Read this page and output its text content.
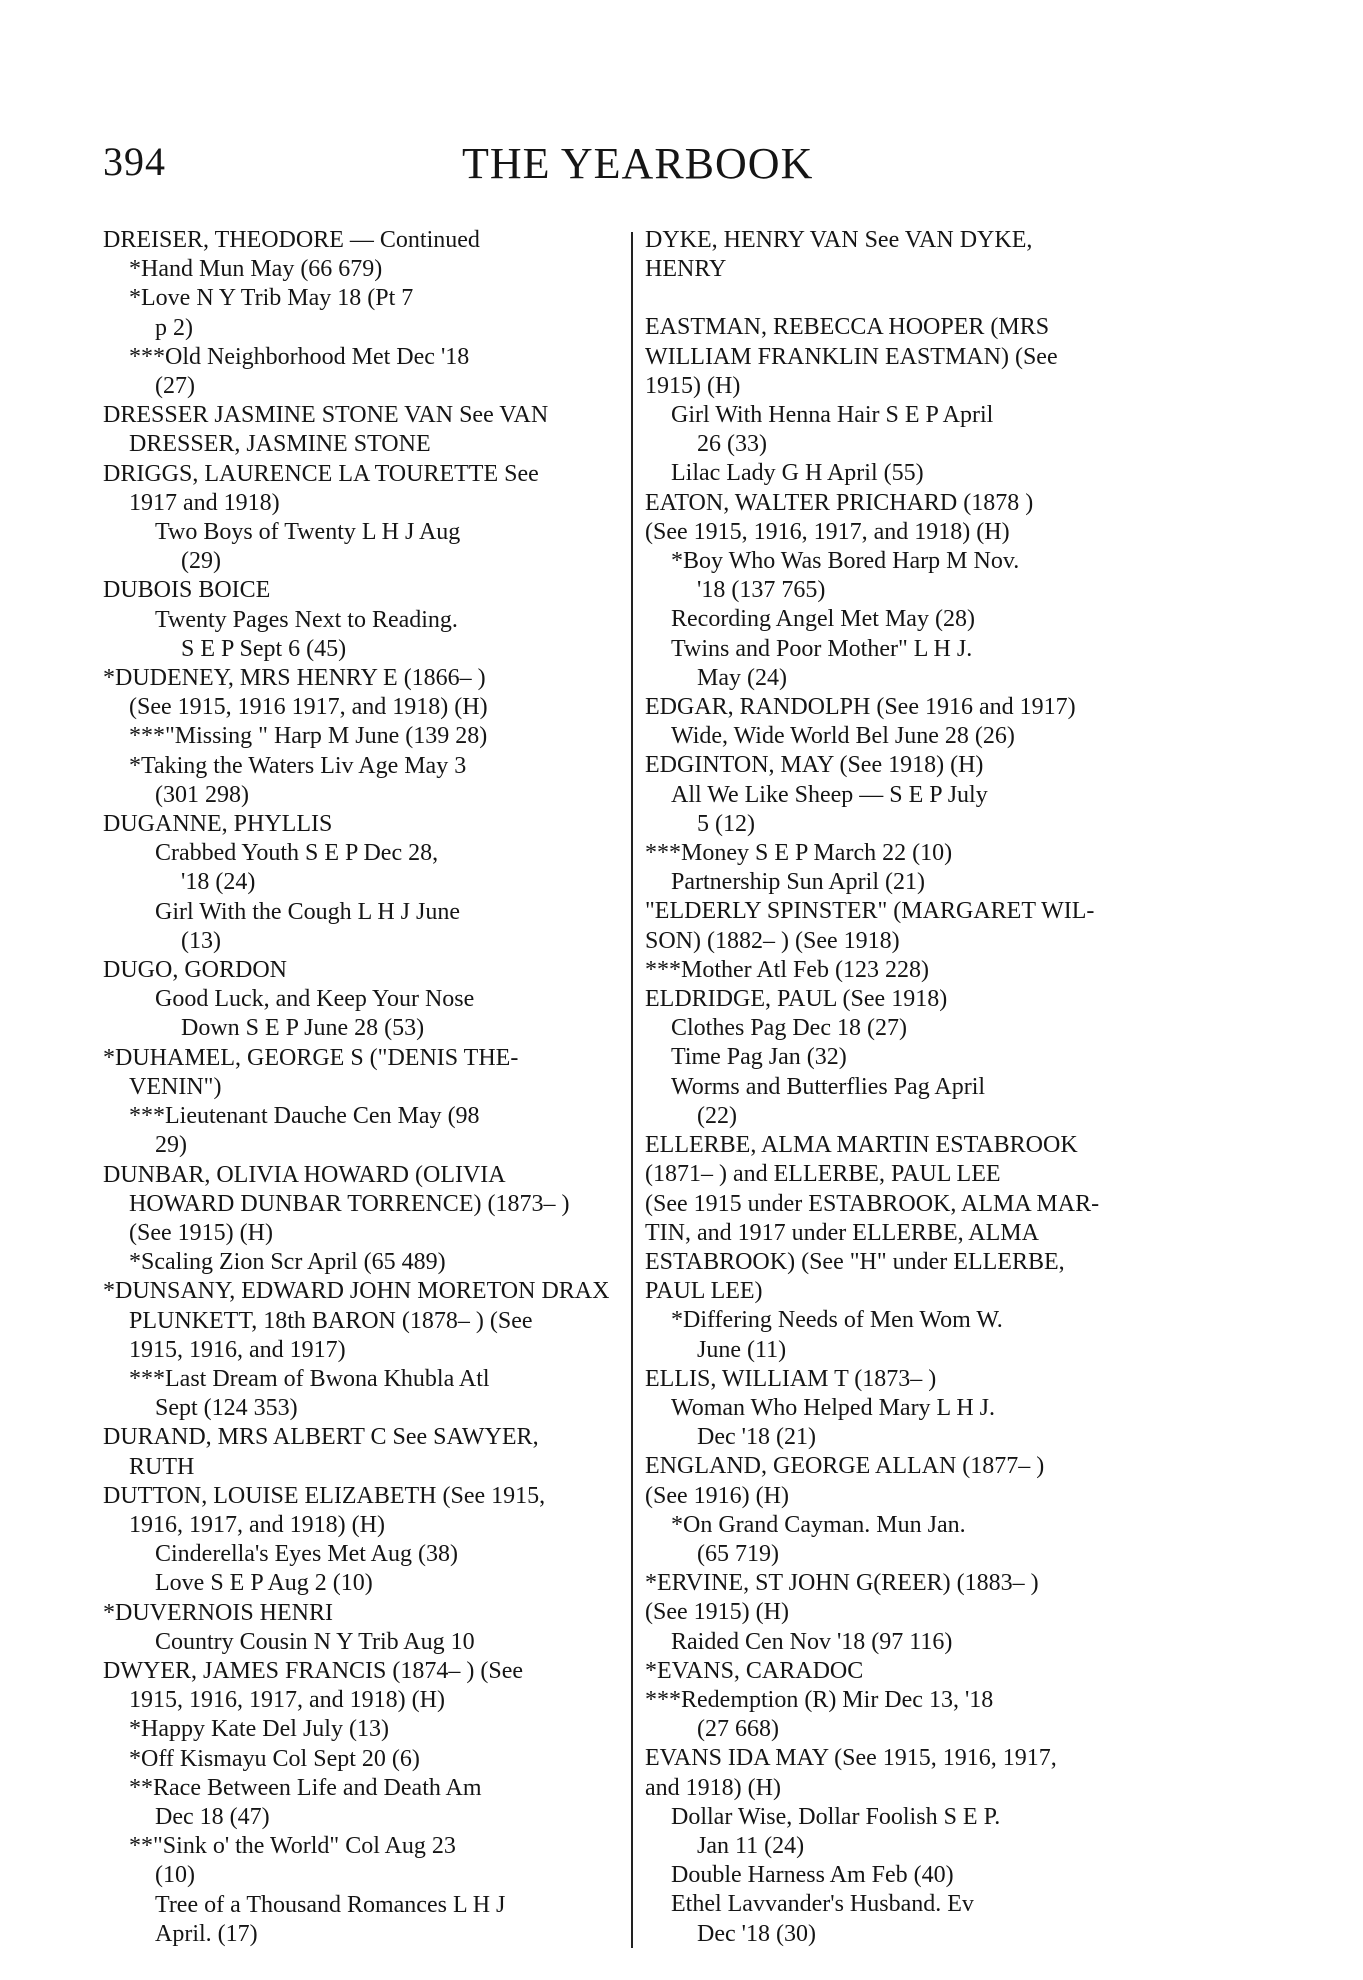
394	THE YEARBOOK
DREISER, THEODORE — Continued
*Hand Mun May (66 679)
*Love N Y Trib May 18 (Pt 7
p 2)
***Old Neighborhood Met Dec '18
(27)
DRESSER JASMINE STONE VAN See VAN
DRESSER, JASMINE STONE
DRIGGS, LAURENCE LA TOURETTE See
1917 and 1918)
Two Boys of Twenty L H J Aug
(29)
DUBOIS BOICE
Twenty Pages Next to Reading.
S E P Sept 6 (45)
*DUDENEY, MRS HENRY E (1866– )
(See 1915, 1916 1917, and 1918) (H)
***"Missing " Harp M June (139 28)
*Taking the Waters Liv Age May 3
(301 298)
DUGANNE, PHYLLIS
Crabbed Youth S E P Dec 28,
'18 (24)
Girl With the Cough L H J June
(13)
DUGO, GORDON
Good Luck, and Keep Your Nose
Down S E P June 28 (53)
*DUHAMEL, GEORGE S ("DENIS THE-
VENIN")
***Lieutenant Dauche Cen May (98
29)
DUNBAR, OLIVIA HOWARD (OLIVIA
HOWARD DUNBAR TORRENCE) (1873– )
(See 1915) (H)
*Scaling Zion Scr April (65 489)
*DUNSANY, EDWARD JOHN MORETON DRAX
PLUNKETT, 18th BARON (1878– ) (See
1915, 1916, and 1917)
***Last Dream of Bwona Khubla Atl
Sept (124 353)
DURAND, MRS ALBERT C See SAWYER,
RUTH
DUTTON, LOUISE ELIZABETH (See 1915,
1916, 1917, and 1918) (H)
Cinderella's Eyes Met Aug (38)
Love S E P Aug 2 (10)
*DUVERNOIS HENRI
Country Cousin N Y Trib Aug 10
DWYER, JAMES FRANCIS (1874– ) (See
1915, 1916, 1917, and 1918) (H)
*Happy Kate Del July (13)
*Off Kismayu Col Sept 20 (6)
**Race Between Life and Death Am
Dec 18 (47)
**"Sink o' the World" Col Aug 23
(10)
Tree of a Thousand Romances L H J
April. (17)
DYKE, HENRY VAN See VAN DYKE,
HENRY
EASTMAN, REBECCA HOOPER (MRS
WILLIAM FRANKLIN EASTMAN) (See
1915) (H)
Girl With Henna Hair S E P April
26 (33)
Lilac Lady G H April (55)
EATON, WALTER PRICHARD (1878 )
(See 1915, 1916, 1917, and 1918) (H)
*Boy Who Was Bored Harp M Nov.
'18 (137 765)
Recording Angel Met May (28)
Twins and Poor Mother" L H J.
May (24)
EDGAR, RANDOLPH (See 1916 and 1917)
Wide, Wide World Bel June 28 (26)
EDGINTON, MAY (See 1918) (H)
All We Like Sheep — S E P July
5 (12)
***Money S E P March 22 (10)
Partnership Sun April (21)
"ELDERLY SPINSTER" (MARGARET WIL-
SON) (1882– ) (See 1918)
***Mother Atl Feb (123 228)
ELDRIDGE, PAUL (See 1918)
Clothes Pag Dec 18 (27)
Time Pag Jan (32)
Worms and Butterflies Pag April
(22)
ELLERBE, ALMA MARTIN ESTABROOK
(1871– ) and ELLERBE, PAUL LEE
(See 1915 under ESTABROOK, ALMA MAR-
TIN, and 1917 under ELLERBE, ALMA
ESTABROOK) (See "H" under ELLERBE,
PAUL LEE)
*Differing Needs of Men Wom W.
June (11)
ELLIS, WILLIAM T (1873– )
Woman Who Helped Mary L H J.
Dec '18 (21)
ENGLAND, GEORGE ALLAN (1877– )
(See 1916) (H)
*On Grand Cayman. Mun Jan.
(65 719)
*ERVINE, ST JOHN G(REER) (1883– )
(See 1915) (H)
Raided Cen Nov '18 (97 116)
*EVANS, CARADOC
***Redemption (R) Mir Dec 13, '18
(27 668)
EVANS IDA MAY (See 1915, 1916, 1917,
and 1918) (H)
Dollar Wise, Dollar Foolish S E P.
Jan 11 (24)
Double Harness Am Feb (40)
Ethel Lavvander's Husband. Ev
Dec '18 (30)
